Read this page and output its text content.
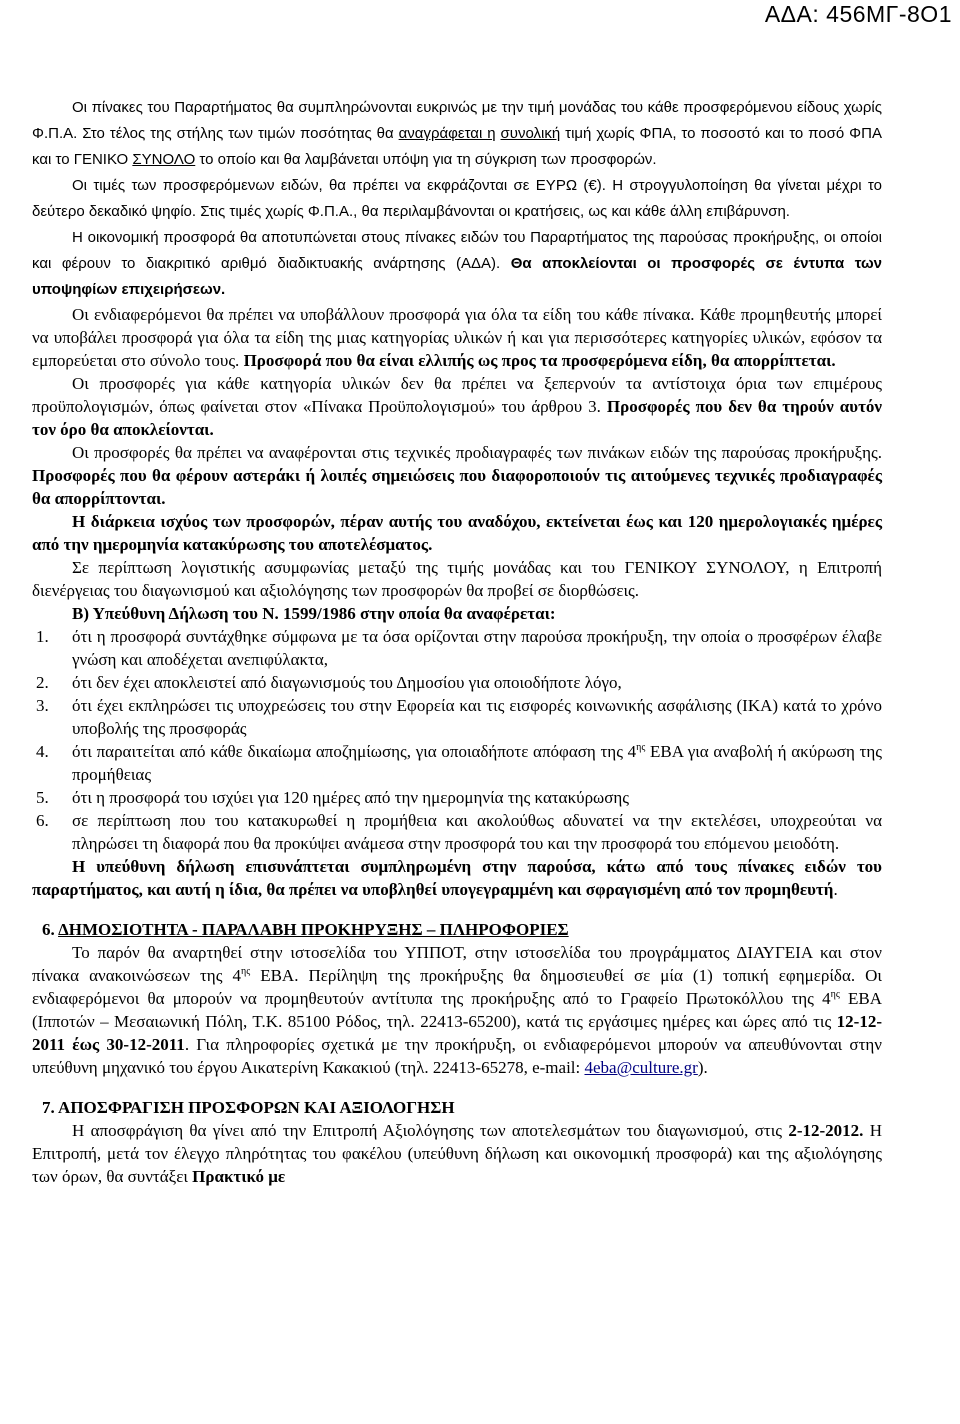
ΑΔΑ: 456ΜΓ-8Ο1

Οι πίνακες του Παραρτήματος θα συμπληρώνονται ευκρινώς με την τιμή μονάδας του κάθε προσφερόμενου είδους χωρίς Φ.Π.Α. Στο τέλος της στήλης των τιμών ποσότητας θα αναγράφεται η συνολική τιμή χωρίς ΦΠΑ, το ποσοστό και το ποσό ΦΠΑ και το ΓΕΝΙΚΟ ΣΥΝΟΛΟ το οποίο και θα λαμβάνεται υπόψη για τη σύγκριση των προσφορών.

Οι τιμές των προσφερόμενων ειδών, θα πρέπει να εκφράζονται σε ΕΥΡΩ (€). Η στρογγυλοποίηση θα γίνεται μέχρι το δεύτερο δεκαδικό ψηφίο. Στις τιμές χωρίς Φ.Π.Α., θα περιλαμβάνονται οι κρατήσεις, ως και κάθε άλλη επιβάρυνση.

Η οικονομική προσφορά θα αποτυπώνεται στους πίνακες ειδών του Παραρτήματος της παρούσας προκήρυξης, οι οποίοι και φέρουν το διακριτικό αριθμό διαδικτυακής ανάρτησης (ΑΔΑ). Θα αποκλείονται οι προσφορές σε έντυπα των υποψηφίων επιχειρήσεων.

Οι ενδιαφερόμενοι θα πρέπει να υποβάλλουν προσφορά για όλα τα είδη του κάθε πίνακα. Κάθε προμηθευτής μπορεί να υποβάλει προσφορά για όλα τα είδη της μιας κατηγορίας υλικών ή και για περισσότερες κατηγορίες υλικών, εφόσον τα εμπορεύεται στο σύνολο τους. Προσφορά που θα είναι ελλιπής ως προς τα προσφερόμενα είδη, θα απορρίπτεται.

Οι προσφορές για κάθε κατηγορία υλικών δεν θα πρέπει να ξεπερνούν τα αντίστοιχα όρια των επιμέρους προϋπολογισμών, όπως φαίνεται στον «Πίνακα Προϋπολογισμού» του άρθρου 3. Προσφορές που δεν θα τηρούν αυτόν τον όρο θα αποκλείονται.

Οι προσφορές θα πρέπει να αναφέρονται στις τεχνικές προδιαγραφές των πινάκων ειδών της παρούσας προκήρυξης. Προσφορές που θα φέρουν αστεράκι ή λοιπές σημειώσεις που διαφοροποιούν τις αιτούμενες τεχνικές προδιαγραφές θα απορρίπτονται.

Η διάρκεια ισχύος των προσφορών, πέραν αυτής του αναδόχου, εκτείνεται έως και 120 ημερολογιακές ημέρες από την ημερομηνία κατακύρωσης του αποτελέσματος.

Σε περίπτωση λογιστικής ασυμφωνίας μεταξύ της τιμής μονάδας και του ΓΕΝΙΚΟΥ ΣΥΝΟΛΟΥ, η Επιτροπή διενέργειας του διαγωνισμού και αξιολόγησης των προσφορών θα προβεί σε διορθώσεις.

Β) Υπεύθυνη Δήλωση του Ν. 1599/1986 στην οποία θα αναφέρεται:

1. ότι η προσφορά συντάχθηκε σύμφωνα με τα όσα ορίζονται στην παρούσα προκήρυξη, την οποία ο προσφέρων έλαβε γνώση και αποδέχεται ανεπιφύλακτα,
2. ότι δεν έχει αποκλειστεί από διαγωνισμούς του Δημοσίου για οποιοδήποτε λόγο,
3. ότι έχει εκπληρώσει τις υποχρεώσεις του στην Εφορεία και τις εισφορές κοινωνικής ασφάλισης (ΙΚΑ) κατά το χρόνο υποβολής της προσφοράς
4. ότι παραιτείται από κάθε δικαίωμα αποζημίωσης, για οποιαδήποτε απόφαση της $4^{\eta\varsigma}$ ΕΒΑ για αναβολή ή ακύρωση της προμήθειας
5. ότι η προσφορά του ισχύει για 120 ημέρες από την ημερομηνία της κατακύρωσης
6. σε περίπτωση που του κατακυρωθεί η προμήθεια και ακολούθως αδυνατεί να την εκτελέσει, υποχρεούται να πληρώσει τη διαφορά που θα προκύψει ανάμεσα στην προσφορά του και την προσφορά του επόμενου μειοδότη.

Η υπεύθυνη δήλωση επισυνάπτεται συμπληρωμένη στην παρούσα, κάτω από τους πίνακες ειδών του παραρτήματος, και αυτή η ίδια, θα πρέπει να υποβληθεί υπογεγραμμένη και σφραγισμένη από τον προμηθευτή.

6. ΔΗΜΟΣΙΟΤΗΤΑ - ΠΑΡΑΛΑΒΗ ΠΡΟΚΗΡΥΞΗΣ – ΠΛΗΡΟΦΟΡΙΕΣ

Το παρόν θα αναρτηθεί στην ιστοσελίδα του ΥΠΠΟΤ, στην ιστοσελίδα του προγράμματος ΔΙΑΥΓΕΙΑ και στον πίνακα ανακοινώσεων της $4^{\eta\varsigma}$ ΕΒΑ. Περίληψη της προκήρυξης θα δημοσιευθεί σε μία (1) τοπική εφημερίδα. Οι ενδιαφερόμενοι θα μπορούν να προμηθευτούν αντίτυπα της προκήρυξης από το Γραφείο Πρωτοκόλλου της $4^{\eta\varsigma}$ ΕΒΑ (Ιπποτών – Μεσαιωνική Πόλη, Τ.Κ. 85100 Ρόδος, τηλ. 22413-65200), κατά τις εργάσιμες ημέρες και ώρες από τις 12-12-2011 έως 30-12-2011. Για πληροφορίες σχετικά με την προκήρυξη, οι ενδιαφερόμενοι μπορούν να απευθύνονται στην υπεύθυνη μηχανικό του έργου Αικατερίνη Κακακιού (τηλ. 22413-65278, e-mail: 4eba@culture.gr).

7. ΑΠΟΣΦΡΑΓΙΣΗ ΠΡΟΣΦΟΡΩΝ ΚΑΙ ΑΞΙΟΛΟΓΗΣΗ

Η αποσφράγιση θα γίνει από την Επιτροπή Αξιολόγησης των αποτελεσμάτων του διαγωνισμού, στις 2-12-2012. Η Επιτροπή, μετά τον έλεγχο πληρότητας του φακέλου (υπεύθυνη δήλωση και οικονομική προσφορά) και της αξιολόγησης των όρων, θα συντάξει Πρακτικό με
